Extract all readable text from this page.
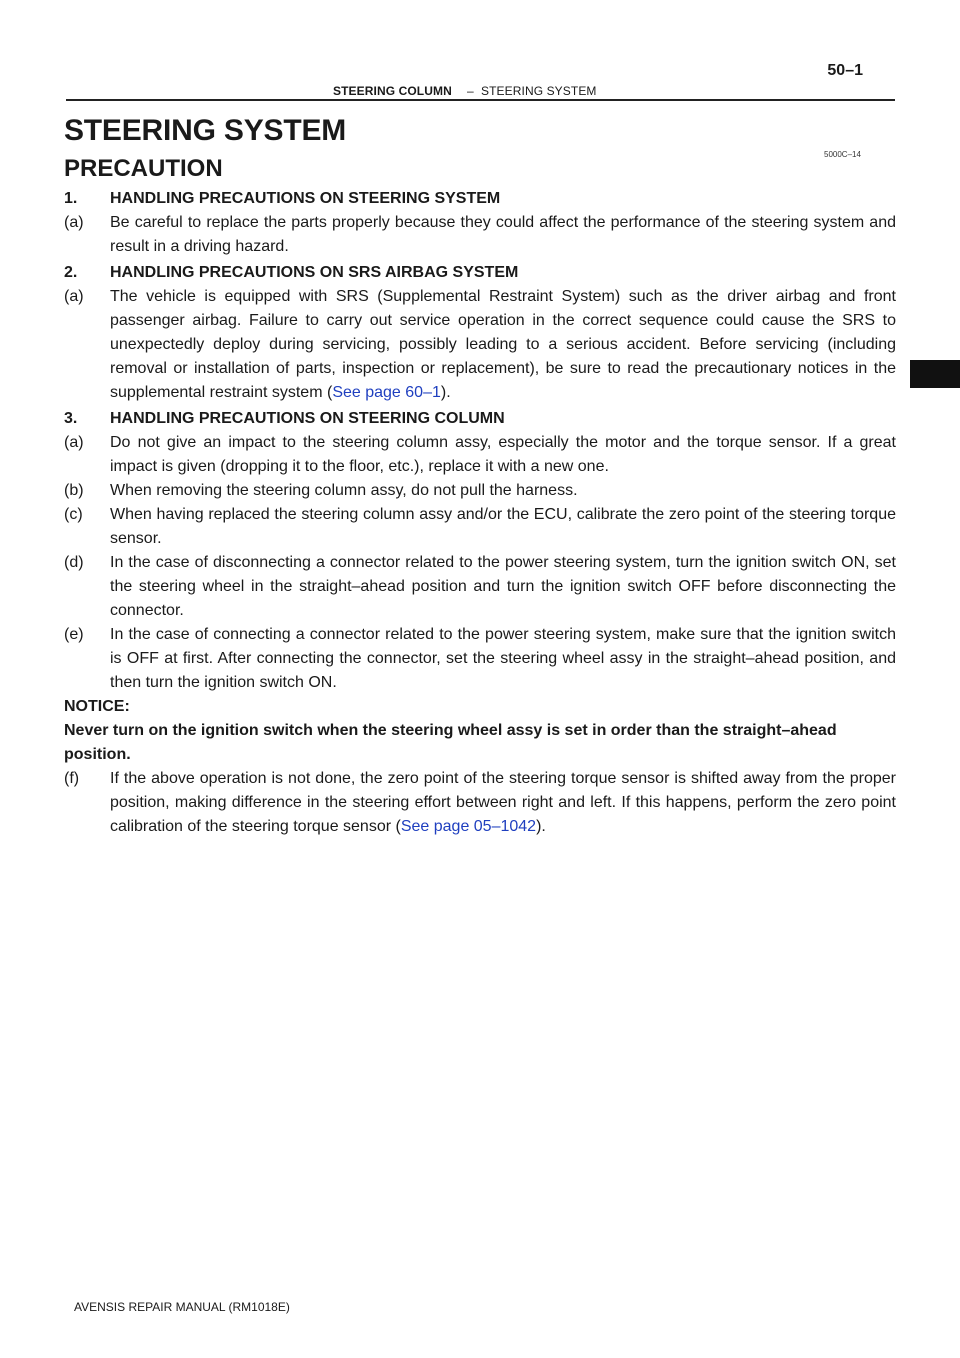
STEERING COLUMN – STEERING SYSTEM
50–1
5000C–14
STEERING SYSTEM
PRECAUTION
1. HANDLING PRECAUTIONS ON STEERING SYSTEM
(a) Be careful to replace the parts properly because they could affect the performance of the steering system and result in a driving hazard.
2. HANDLING PRECAUTIONS ON SRS AIRBAG SYSTEM
(a) The vehicle is equipped with SRS (Supplemental Restraint System) such as the driver airbag and front passenger airbag. Failure to carry out service operation in the correct sequence could cause the SRS to unexpectedly deploy during servicing, possibly leading to a serious accident. Before servicing (including removal or installation of parts, inspection or replacement), be sure to read the precautionary notices in the supplemental restraint system (See page 60–1).
3. HANDLING PRECAUTIONS ON STEERING COLUMN
(a) Do not give an impact to the steering column assy, especially the motor and the torque sensor. If a great impact is given (dropping it to the floor, etc.), replace it with a new one.
(b) When removing the steering column assy, do not pull the harness.
(c) When having replaced the steering column assy and/or the ECU, calibrate the zero point of the steering torque sensor.
(d) In the case of disconnecting a connector related to the power steering system, turn the ignition switch ON, set the steering wheel in the straight–ahead position and turn the ignition switch OFF before disconnecting the connector.
(e) In the case of connecting a connector related to the power steering system, make sure that the ignition switch is OFF at first. After connecting the connector, set the steering wheel assy in the straight–ahead position, and then turn the ignition switch ON.
NOTICE:
Never turn on the ignition switch when the steering wheel assy is set in order than the straight–ahead position.
(f) If the above operation is not done, the zero point of the steering torque sensor is shifted away from the proper position, making difference in the steering effort between right and left. If this happens, perform the zero point calibration of the steering torque sensor (See page 05–1042).
AVENSIS REPAIR MANUAL (RM1018E)
